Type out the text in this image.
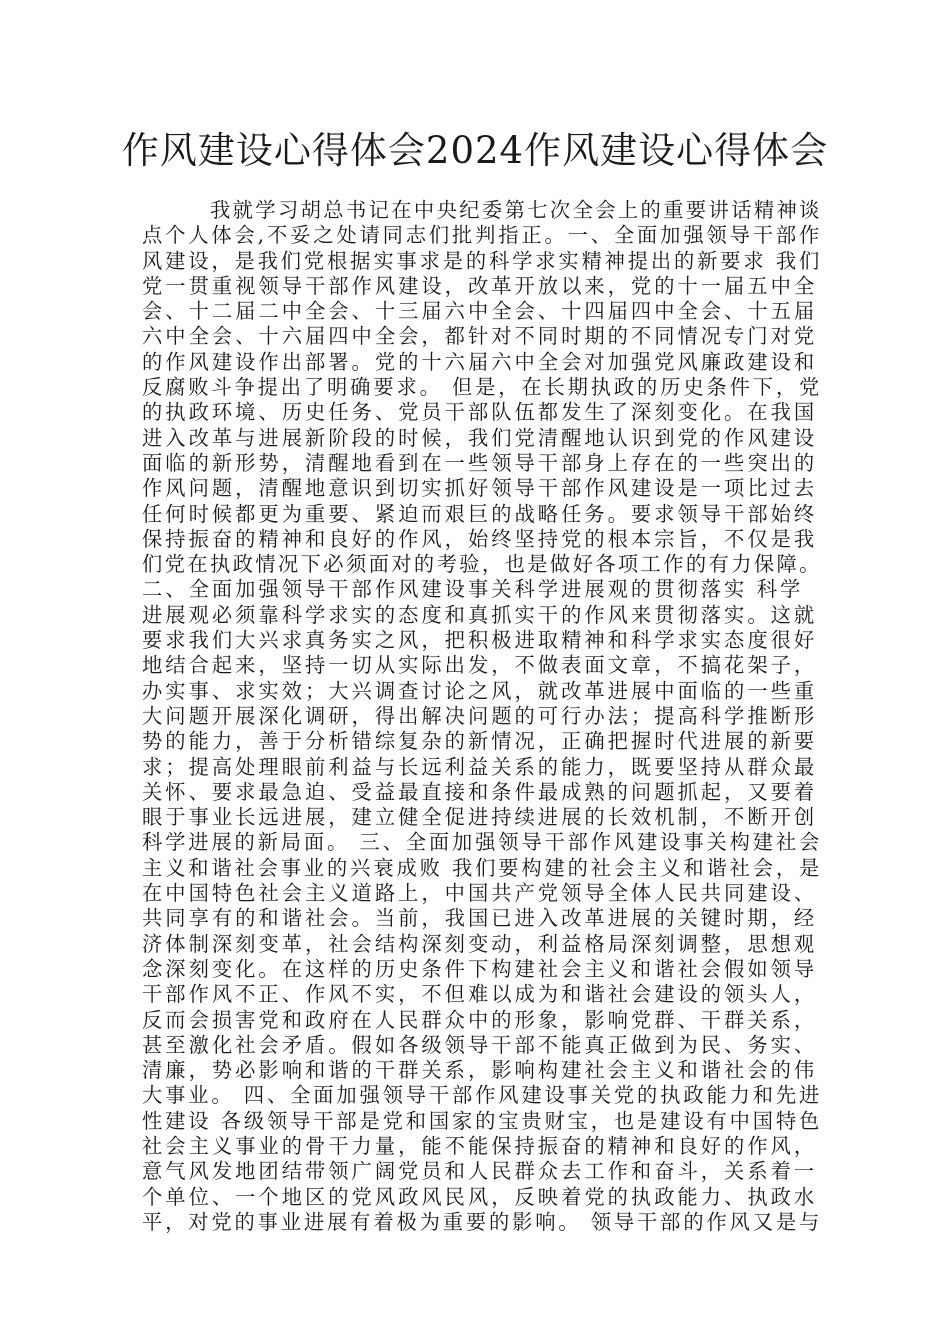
作风建设心得体会2024作风建设心得体会
　　　我就学习胡总书记在中央纪委第七次全会上的重要讲话精神谈
点个人体会,不妥之处请同志们批判指正。一、全面加强领导干部作
风建设，是我们党根据实事求是的科学求实精神提出的新要求 我们
党一贯重视领导干部作风建设，改革开放以来，党的十一届五中全
会、十二届二中全会、十三届六中全会、十四届四中全会、十五届
六中全会、十六届四中全会，都针对不同时期的不同情况专门对党
的作风建设作出部署。党的十六届六中全会对加强党风廉政建设和
反腐败斗争提出了明确要求。 但是，在长期执政的历史条件下，党
的执政环境、历史任务、党员干部队伍都发生了深刻变化。在我国
进入改革与进展新阶段的时候，我们党清醒地认识到党的作风建设
面临的新形势，清醒地看到在一些领导干部身上存在的一些突出的
作风问题，清醒地意识到切实抓好领导干部作风建设是一项比过去
任何时候都更为重要、紧迫而艰巨的战略任务。要求领导干部始终
保持振奋的精神和良好的作风，始终坚持党的根本宗旨，不仅是我
们党在执政情况下必须面对的考验，也是做好各项工作的有力保障。
二、全面加强领导干部作风建设事关科学进展观的贯彻落实 科学
进展观必须靠科学求实的态度和真抓实干的作风来贯彻落实。这就
要求我们大兴求真务实之风，把积极进取精神和科学求实态度很好
地结合起来，坚持一切从实际出发，不做表面文章，不搞花架子，
办实事、求实效；大兴调查讨论之风，就改革进展中面临的一些重
大问题开展深化调研，得出解决问题的可行办法；提高科学推断形
势的能力，善于分析错综复杂的新情况，正确把握时代进展的新要
求；提高处理眼前利益与长远利益关系的能力，既要坚持从群众最
关怀、要求最急迫、受益最直接和条件最成熟的问题抓起，又要着
眼于事业长远进展，建立健全促进持续进展的长效机制，不断开创
科学进展的新局面。 三、全面加强领导干部作风建设事关构建社会
主义和谐社会事业的兴衰成败 我们要构建的社会主义和谐社会，是
在中国特色社会主义道路上，中国共产党领导全体人民共同建设、
共同享有的和谐社会。当前，我国已进入改革进展的关键时期，经
济体制深刻变革，社会结构深刻变动，利益格局深刻调整，思想观
念深刻变化。在这样的历史条件下构建社会主义和谐社会假如领导
干部作风不正、作风不实，不但难以成为和谐社会建设的领头人，
反而会损害党和政府在人民群众中的形象，影响党群、干群关系，
甚至激化社会矛盾。假如各级领导干部不能真正做到为民、务实、
清廉，势必影响和谐的干群关系，影响构建社会主义和谐社会的伟
大事业。 四、全面加强领导干部作风建设事关党的执政能力和先进
性建设 各级领导干部是党和国家的宝贵财宝，也是建设有中国特色
社会主义事业的骨干力量，能不能保持振奋的精神和良好的作风，
意气风发地团结带领广阔党员和人民群众去工作和奋斗，关系着一
个单位、一个地区的党风政风民风，反映着党的执政能力、执政水
平，对党的事业进展有着极为重要的影响。 领导干部的作风又是与
